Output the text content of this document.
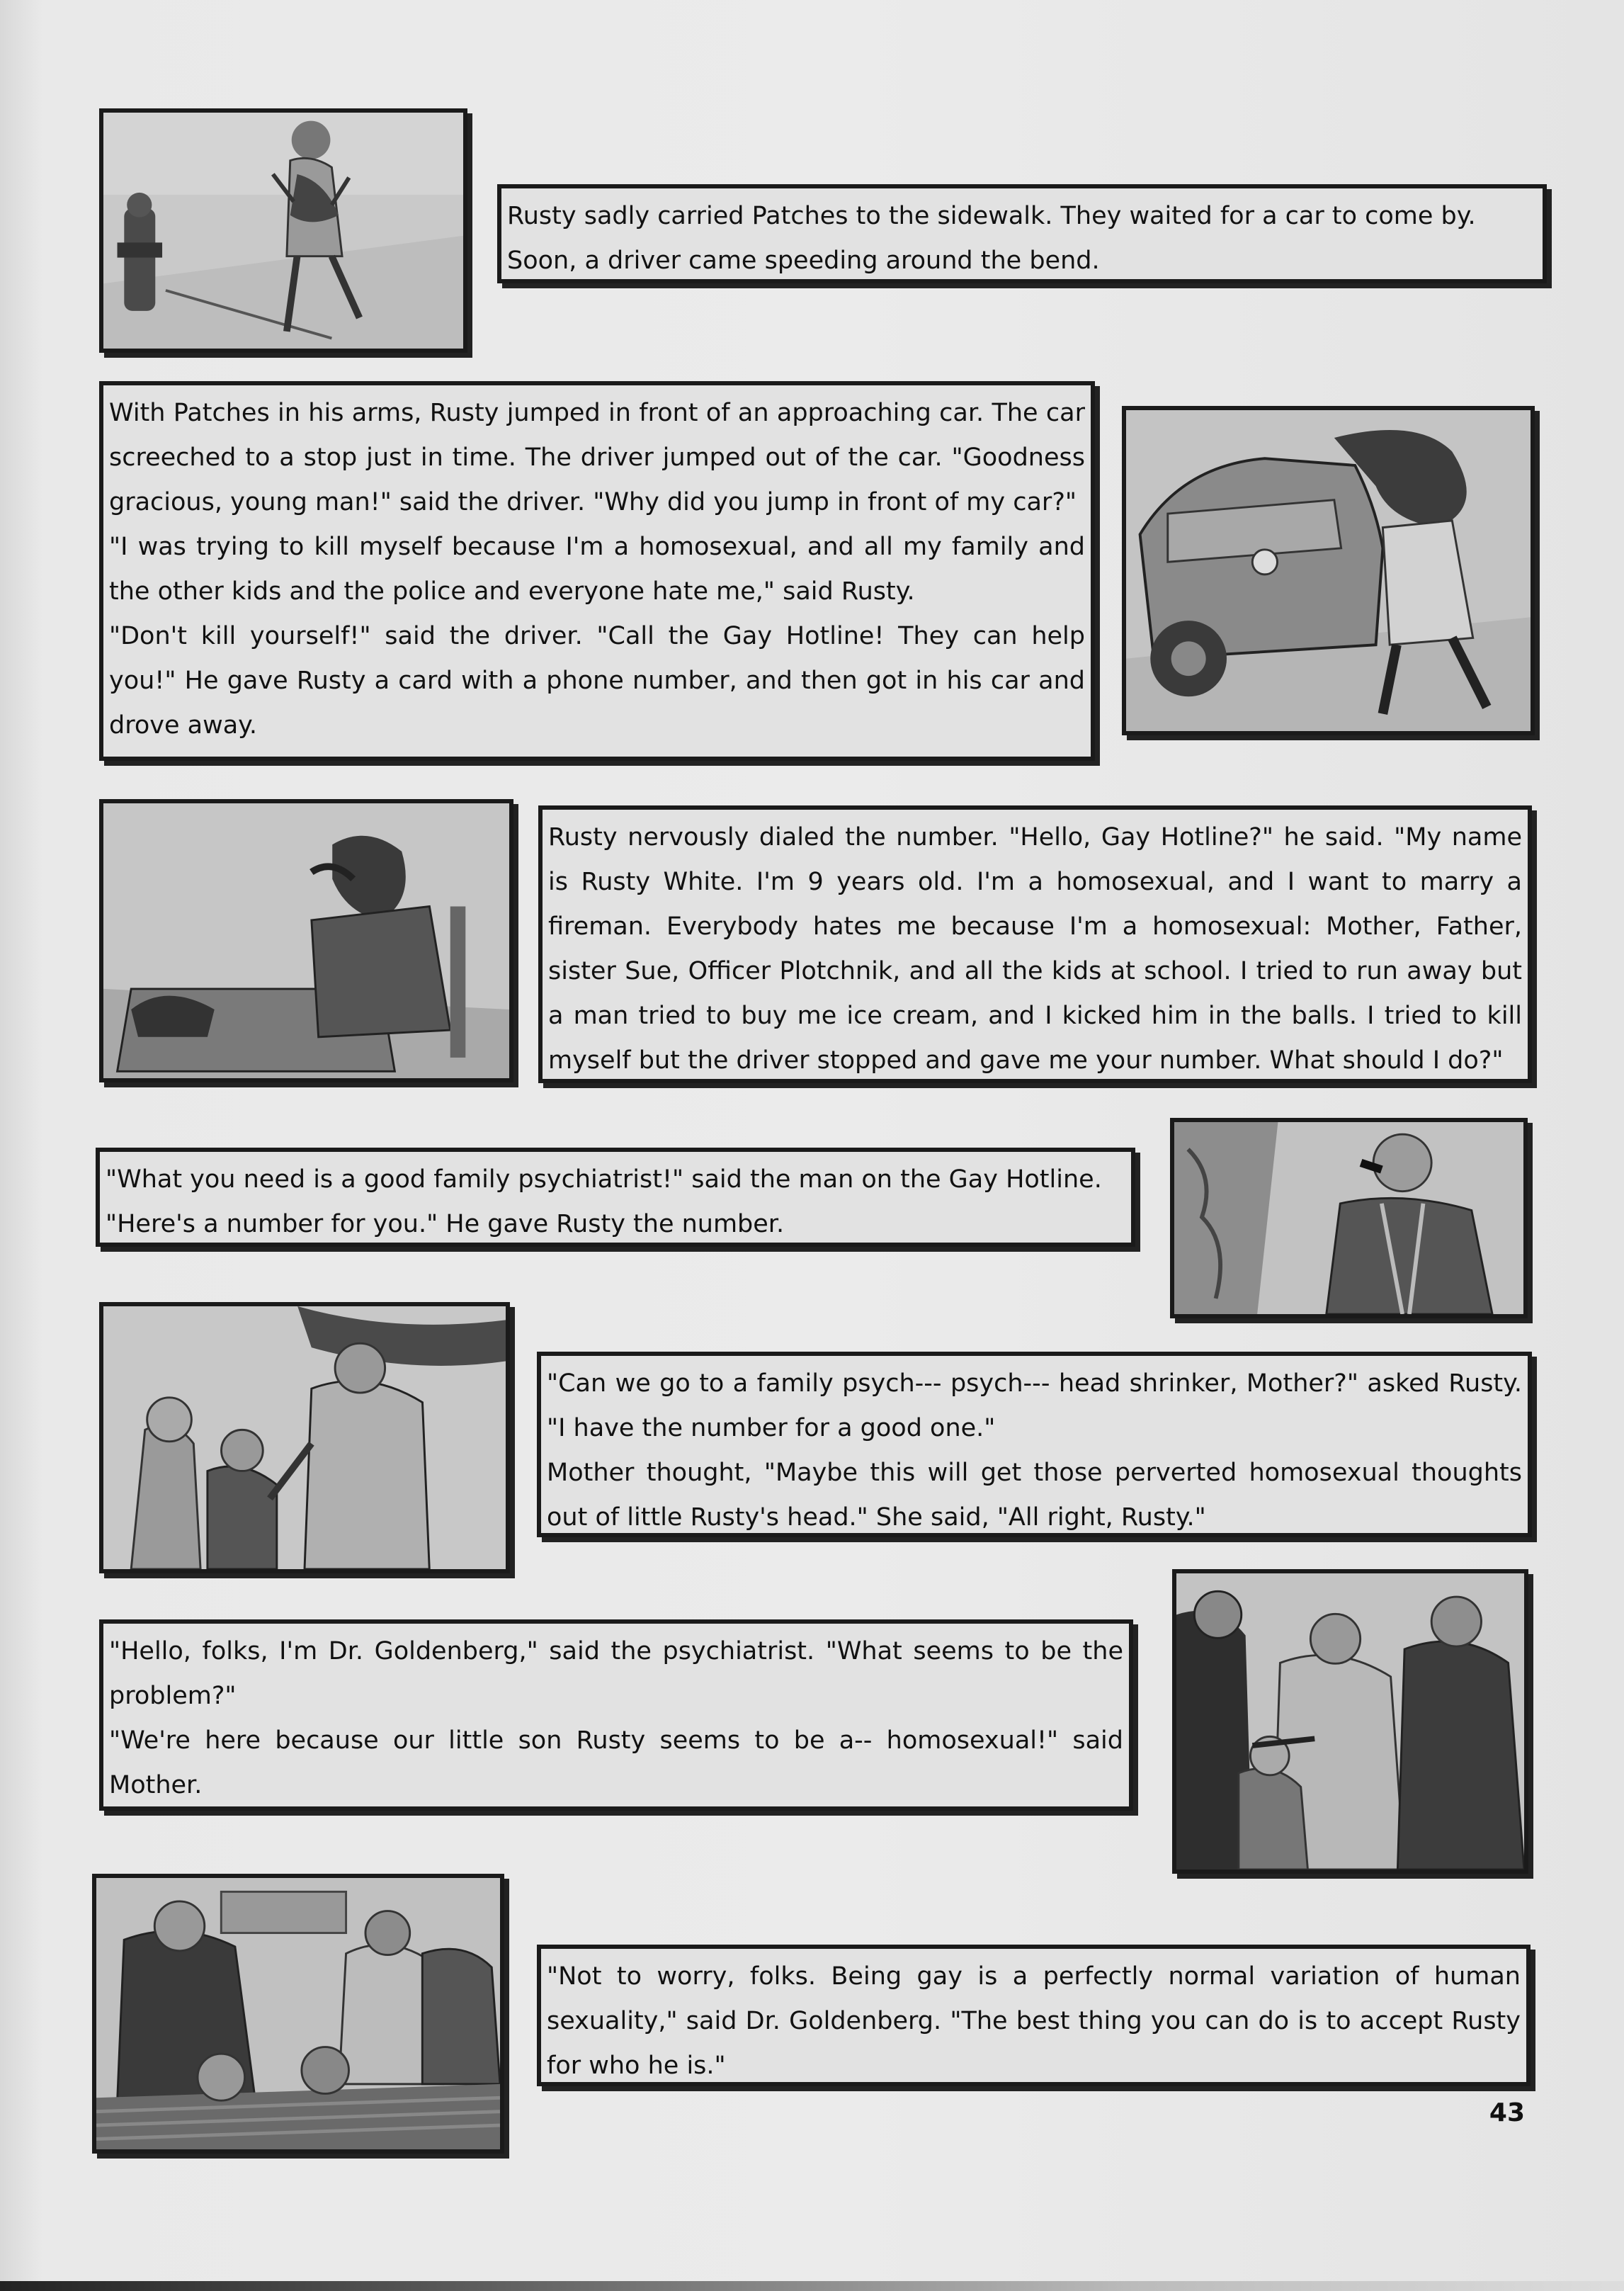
Rusty sadly carried Patches to the sidewalk. They waited for a car to come by. Soon, a driver came speeding around the bend.

With Patches in his arms, Rusty jumped in front of an approaching car. The car screeched to a stop just in time. The driver jumped out of the car. "Goodness gracious, young man!" said the driver. "Why did you jump in front of my car?"

"I was trying to kill myself because I'm a homosexual, and all my family and the other kids and the police and everyone hate me," said Rusty.

"Don't kill yourself!" said the driver. "Call the Gay Hotline! They can help you!" He gave Rusty a card with a phone number, and then got in his car and drove away.

Rusty nervously dialed the number. "Hello, Gay Hotline?" he said. "My name is Rusty White. I'm 9 years old. I'm a homosexual, and I want to marry a fireman. Everybody hates me because I'm a homosexual: Mother, Father, sister Sue, Officer Plotchnik, and all the kids at school. I tried to run away but a man tried to buy me ice cream, and I kicked him in the balls. I tried to kill myself but the driver stopped and gave me your number. What should I do?"

"What you need is a good family psychiatrist!" said the man on the Gay Hotline.

"Here's a number for you." He gave Rusty the number.

"Can we go to a family psych--- psych--- head shrinker, Mother?" asked Rusty. "I have the number for a good one."

Mother thought, "Maybe this will get those perverted homosexual thoughts out of little Rusty's head." She said, "All right, Rusty."

"Hello, folks, I'm Dr. Goldenberg," said the psychiatrist. "What seems to be the problem?"

"We're here because our little son Rusty seems to be a-- homosexual!" said Mother.

"Not to worry, folks. Being gay is a perfectly normal variation of human sexuality," said Dr. Goldenberg. "The best thing you can do is to accept Rusty for who he is."

43
